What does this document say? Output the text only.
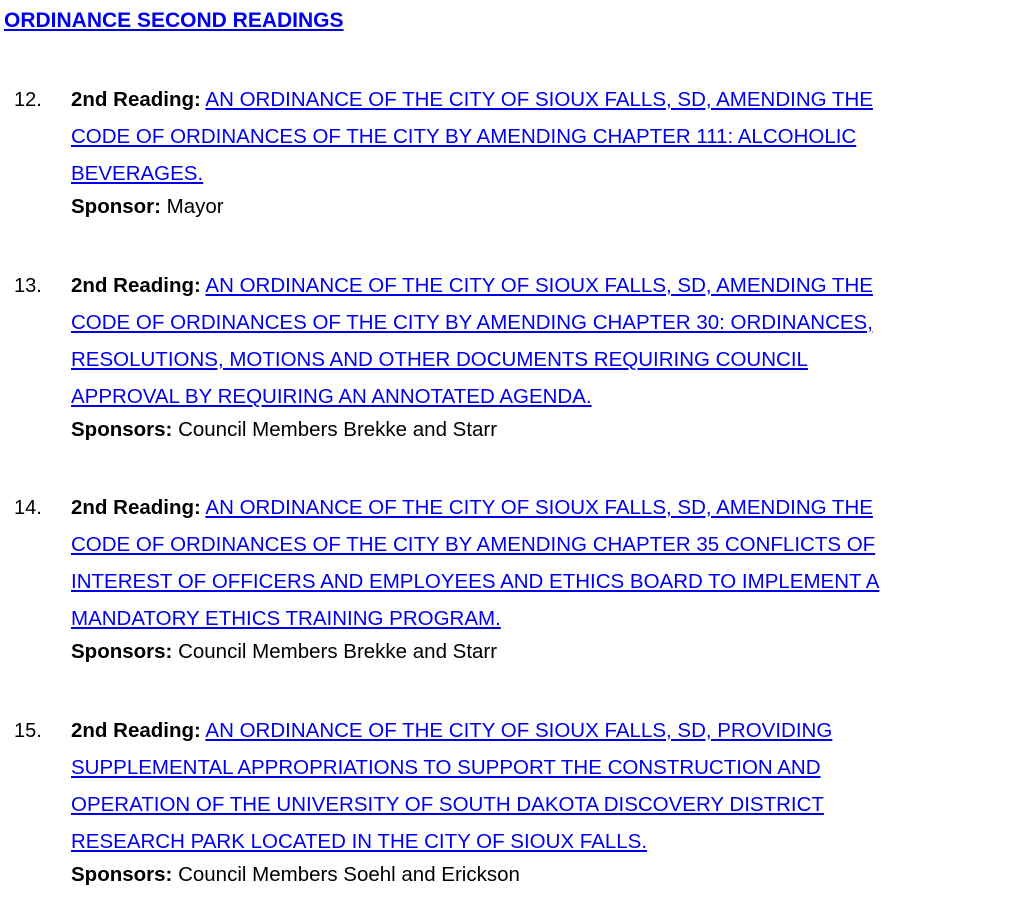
ORDINANCE SECOND READINGS
12. 2nd Reading: AN ORDINANCE OF THE CITY OF SIOUX FALLS, SD, AMENDING THE
CODE OF ORDINANCES OF THE CITY BY AMENDING CHAPTER 111: ALCOHOLIC
BEVERAGES.
Sponsor: Mayor
13. 2nd Reading: AN ORDINANCE OF THE CITY OF SIOUX FALLS, SD, AMENDING THE
CODE OF ORDINANCES OF THE CITY BY AMENDING CHAPTER 30: ORDINANCES,
RESOLUTIONS, MOTIONS AND OTHER DOCUMENTS REQUIRING COUNCIL
APPROVAL BY REQUIRING AN ANNOTATED AGENDA.
Sponsors: Council Members Brekke and Starr
14. 2nd Reading: AN ORDINANCE OF THE CITY OF SIOUX FALLS, SD, AMENDING THE
CODE OF ORDINANCES OF THE CITY BY AMENDING CHAPTER 35 CONFLICTS OF
INTEREST OF OFFICERS AND EMPLOYEES AND ETHICS BOARD TO IMPLEMENT A
MANDATORY ETHICS TRAINING PROGRAM.
Sponsors: Council Members Brekke and Starr
15. 2nd Reading: AN ORDINANCE OF THE CITY OF SIOUX FALLS, SD, PROVIDING
SUPPLEMENTAL APPROPRIATIONS TO SUPPORT THE CONSTRUCTION AND
OPERATION OF THE UNIVERSITY OF SOUTH DAKOTA DISCOVERY DISTRICT
RESEARCH PARK LOCATED IN THE CITY OF SIOUX FALLS.
Sponsors: Council Members Soehl and Erickson
